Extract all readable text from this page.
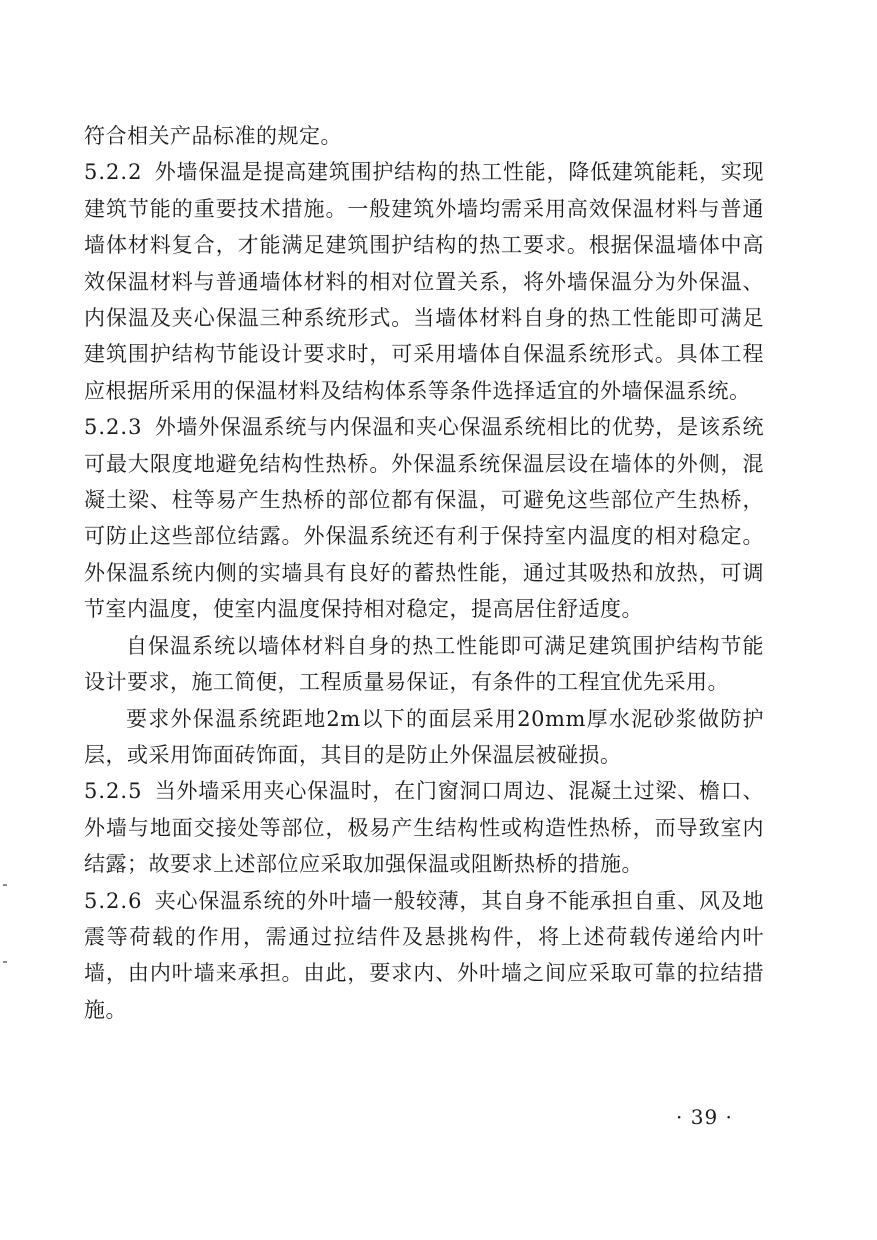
符合相关产品标准的规定。

5.2.2 外墙保温是提高建筑围护结构的热工性能，降低建筑能耗，实现建筑节能的重要技术措施。一般建筑外墙均需采用高效保温材料与普通墙体材料复合，才能满足建筑围护结构的热工要求。根据保温墙体中高效保温材料与普通墙体材料的相对位置关系，将外墙保温分为外保温、内保温及夹心保温三种系统形式。当墙体材料自身的热工性能即可满足建筑围护结构节能设计要求时，可采用墙体自保温系统形式。具体工程应根据所采用的保温材料及结构体系等条件选择适宜的外墙保温系统。

5.2.3 外墙外保温系统与内保温和夹心保温系统相比的优势，是该系统可最大限度地避免结构性热桥。外保温系统保温层设在墙体的外侧，混凝土梁、柱等易产生热桥的部位都有保温，可避免这些部位产生热桥，可防止这些部位结露。外保温系统还有利于保持室内温度的相对稳定。外保温系统内侧的实墙具有良好的蓄热性能，通过其吸热和放热，可调节室内温度，使室内温度保持相对稳定，提高居住舒适度。

自保温系统以墙体材料自身的热工性能即可满足建筑围护结构节能设计要求，施工简便，工程质量易保证，有条件的工程宜优先采用。

要求外保温系统距地2m以下的面层采用20mm厚水泥砂浆做防护层，或采用饰面砖饰面，其目的是防止外保温层被碰损。

5.2.5 当外墙采用夹心保温时，在门窗洞口周边、混凝土过梁、檐口、外墙与地面交接处等部位，极易产生结构性或构造性热桥，而导致室内结露；故要求上述部位应采取加强保温或阻断热桥的措施。

5.2.6 夹心保温系统的外叶墙一般较薄，其自身不能承担自重、风及地震等荷载的作用，需通过拉结件及悬挑构件，将上述荷载传递给内叶墙，由内叶墙来承担。由此，要求内、外叶墙之间应采取可靠的拉结措施。

· 39 ·
